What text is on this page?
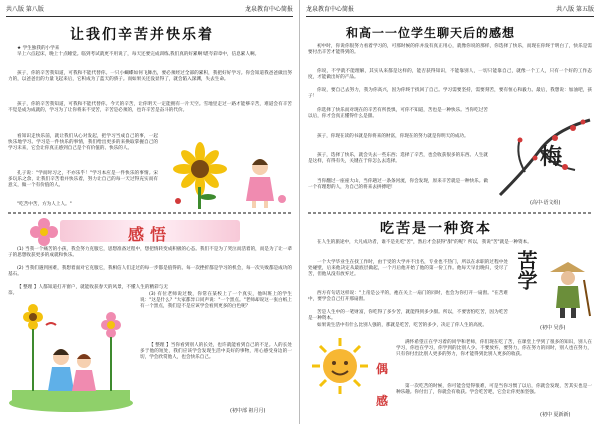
共八版 第八版	龙泉教育中心简报
让我们辛苦并快乐着
★ 学生独我的小学来
早上六点起床，晚上十点睡觉。临到考试就更不用说了，每天还要完成训练,我们真的好累啊!堪夸彩章中，信息累人啊。
孩子，你的辛苦我知道，可我和不能代替你。一只小蝴蝶如何飞舞出，要必须经过全部的累积，我把好好学习。你会知道我爸爸做出努力的，以爸爸出的力量飞起来后，它积成为了蓝天的骄子。而如果关还没显得了，就会陷入深渊，失去生命。
孩子，你的辛苦我知道，可我和不能代替你。今天的辛苦，让你明天一定能拥有一片天空。雪地里走过一路才能够辛苦，难道会有辛苦不觉是成为成就的，学习为了让你将来不受苦，辛苦是必须的，也许辛苦是奋斗的代价。
看知识走快乐前，就让我们从心对发起，把学习当成自己的事，一起快乐地学习。学习是一件快乐的事情，我们给出更多的来换取掌握自己的学习未来，它会让你真正感到自己是个有价值的、快乐的人。
孔子说："学而时习之，不亦乐乎！"学习本应是一件快乐的事情。宋多玩乐之余，让我们辛苦着并快乐着，努力让自己的每一天过得充实而有意义，做一个有价值的人。
"吃苦中苦，方为人上人。"
感悟
(1) 当我一个痛苦的小孩，我会努力克服它，思想准备过程中，想把情转变成积极的心态。我们不是为了哭泣而活着的，而是为了让一辈子的思想收获更多的成就和快乐。
(2) 当我们遇到困难，我想着面对它克服它，我相信人们走过的每一步都是值得的。每一次挫折都是学习的机会，每一次失败都是成功的基石。
【 整理 】人都知道打开窗户，就能收获春天的风景，不懂人生的精彩与无奈。	(3) 有位老师说过数，你常在某校上了一个真实，他叫班上的学生说："这是什么？"大家都异口同声说："一个黑点。"老师却说这一张白纸上有一个黑点，我们是不是应该学会看到更多的白色呢？
【 整理 】当你看到别人的长处，也许就能看到自己的不足。人的长处多于他的短处，我们应该学会发现生活中美好的事物，用心感受身边的一切，学会欣赏他人，也会快乐自己。
(初中部 祖月月)
龙泉教育中心简报	共八版 第五版
和高一一位学生聊天后的感想
初中时，你说你很努力看着学习的，可那时候的你并没有真正用心，就像你说的那样，你选择了快乐，而现在你终于明白了，快乐是需要付出辛苦才能得到的。
你说，不学就不能理解，其实从来都是这样的，能否获得知识，不能靠别人，一切只能靠自己，就像一个工人，只有一个好的工作态度，才能做出好的产品。
你说，要自己去努力，我为你高兴，因为你终于找回了自己。学习需要坚持，需要刻苦，要有恒心和毅力。最后，我想说：加油吧，孩子！
你选择了快乐而对现在的辛苦有所畏惧，可你不知道，苦也是一种快乐。当你吃过苦以后，你才会真正懂得什么是甜。
孩子，你现在读的书就是你将来的财富，你现在的努力就是你明天的成功。
孩子，选择了快乐，就会失去一些东西；选择了辛苦，也会收获很多的东西。人生就是这样，有得有失，关键在于你怎么去选择。
当你翻过一座座大山，当你趟过一条条河流，你会发现，原来辛苦就是一种快乐。做一个有理想的人，为自己的将来去拼搏吧！
梅
(高中·语文组)
吃苦是一种资本
在人生的旅途中，大凡成功者，谁不是先吃"苦"，然后才会获得"甜"的呢？所以，我说"苦"就是一种资本。
一个大学毕业生在找工作时，由于受的大学并不出名，专业也不热门，所以在求职的过程中处处碰壁，后来他决定从最底层做起，一个月后他开始了他的第一份工作。他每天早出晚归，受尽了苦，但他从没有放弃过。
西方有句话这样说："上帝是公平的，祂在关上一扇门的同时，也会为你打开一扇窗。"在苦难中，要学会自己打开那扇窗。
苦是人生中的一笔财富，你吃得了多少苦，就能得到多少甜。所以，不要害怕吃苦，因为吃苦是一种资本。
如果说生活中有什么比别人强的，那就是吃苦，吃苦的多少，决定了你人生的高度。
苦学
(初中 吴莎)
偶
感
满怀希望正在学习着的同学和老师，你们现在吃了苦，在课堂上学到了很多的知识，别人在学习，你也在学习，你学到的比别人少。不要放弃，要努力，你在努力的同时，别人也在努力，只有你付出比别人更多的努力，你才能得到比别人更多的收获。
第一次吃苦的时候，你可能会觉得很难，可是当你习惯了以后，你就会发现，苦其实也是一种乐趣。你付出了，你就会有收获。学会吃苦吧，它会让你更加坚强。
(初中 夏新新)
